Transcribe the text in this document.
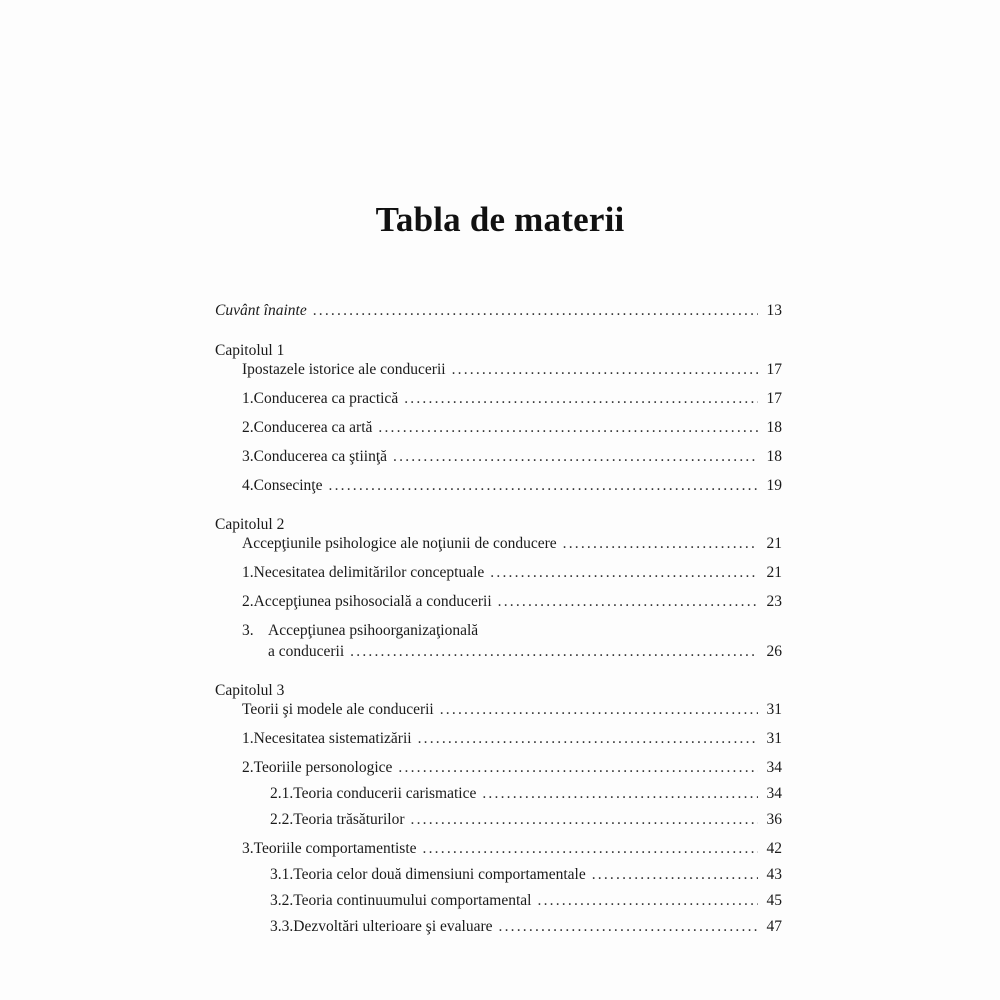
Tabla de materii
Cuvânt înainte .....	13
Capitolul 1
Ipostazele istorice ale conducerii .....	17
1. Conducerea ca practică .....	17
2. Conducerea ca artă .....	18
3. Conducerea ca ştiinţă .....	18
4. Consecinţe .....	19
Capitolul 2
Accepţiunile psihologice ale noţiunii de conducere .....	21
1. Necesitatea delimitărilor conceptuale .....	21
2. Accepţiunea psihosocială a conducerii .....	23
3. Accepţiunea psihoorganizaţională
a conducerii .....	26
Capitolul 3
Teorii şi modele ale conducerii .....	31
1. Necesitatea sistematizării .....	31
2. Teoriile personologice .....	34
2.1. Teoria conducerii carismatice .....	34
2.2. Teoria trăsăturilor .....	36
3. Teoriile comportamentiste .....	42
3.1. Teoria celor două dimensiuni comportamentale .....	43
3.2. Teoria continuumului comportamental .....	45
3.3. Dezvoltări ulterioare şi evaluare .....	47
